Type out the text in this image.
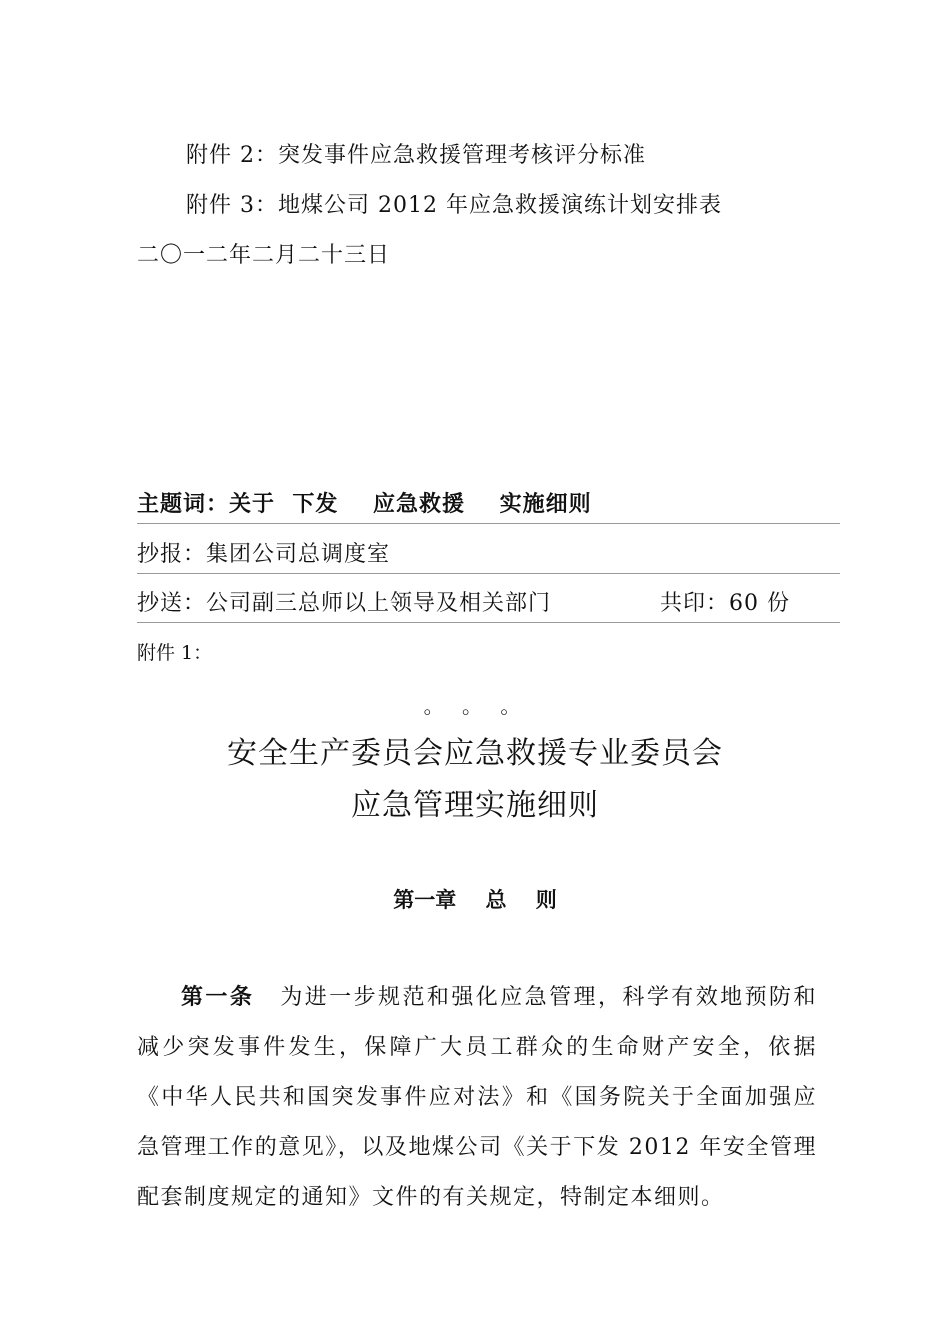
附件 2：突发事件应急救援管理考核评分标准
附件 3：地煤公司 2012 年应急救援演练计划安排表
二〇一二年二月二十三日
主题词：关于 下发 应急救援 实施细则
抄报：集团公司总调度室
抄送：公司副三总师以上领导及相关部门	共印：60 份
附件 1：
。 。 。
安全生产委员会应急救援专业委员会
应急管理实施细则
第一章    总    则
第一条 为进一步规范和强化应急管理，科学有效地预防和减少突发事件发生，保障广大员工群众的生命财产安全，依据《中华人民共和国突发事件应对法》和《国务院关于全面加强应急管理工作的意见》，以及地煤公司《关于下发 2012 年安全管理配套制度规定的通知》文件的有关规定，特制定本细则。
